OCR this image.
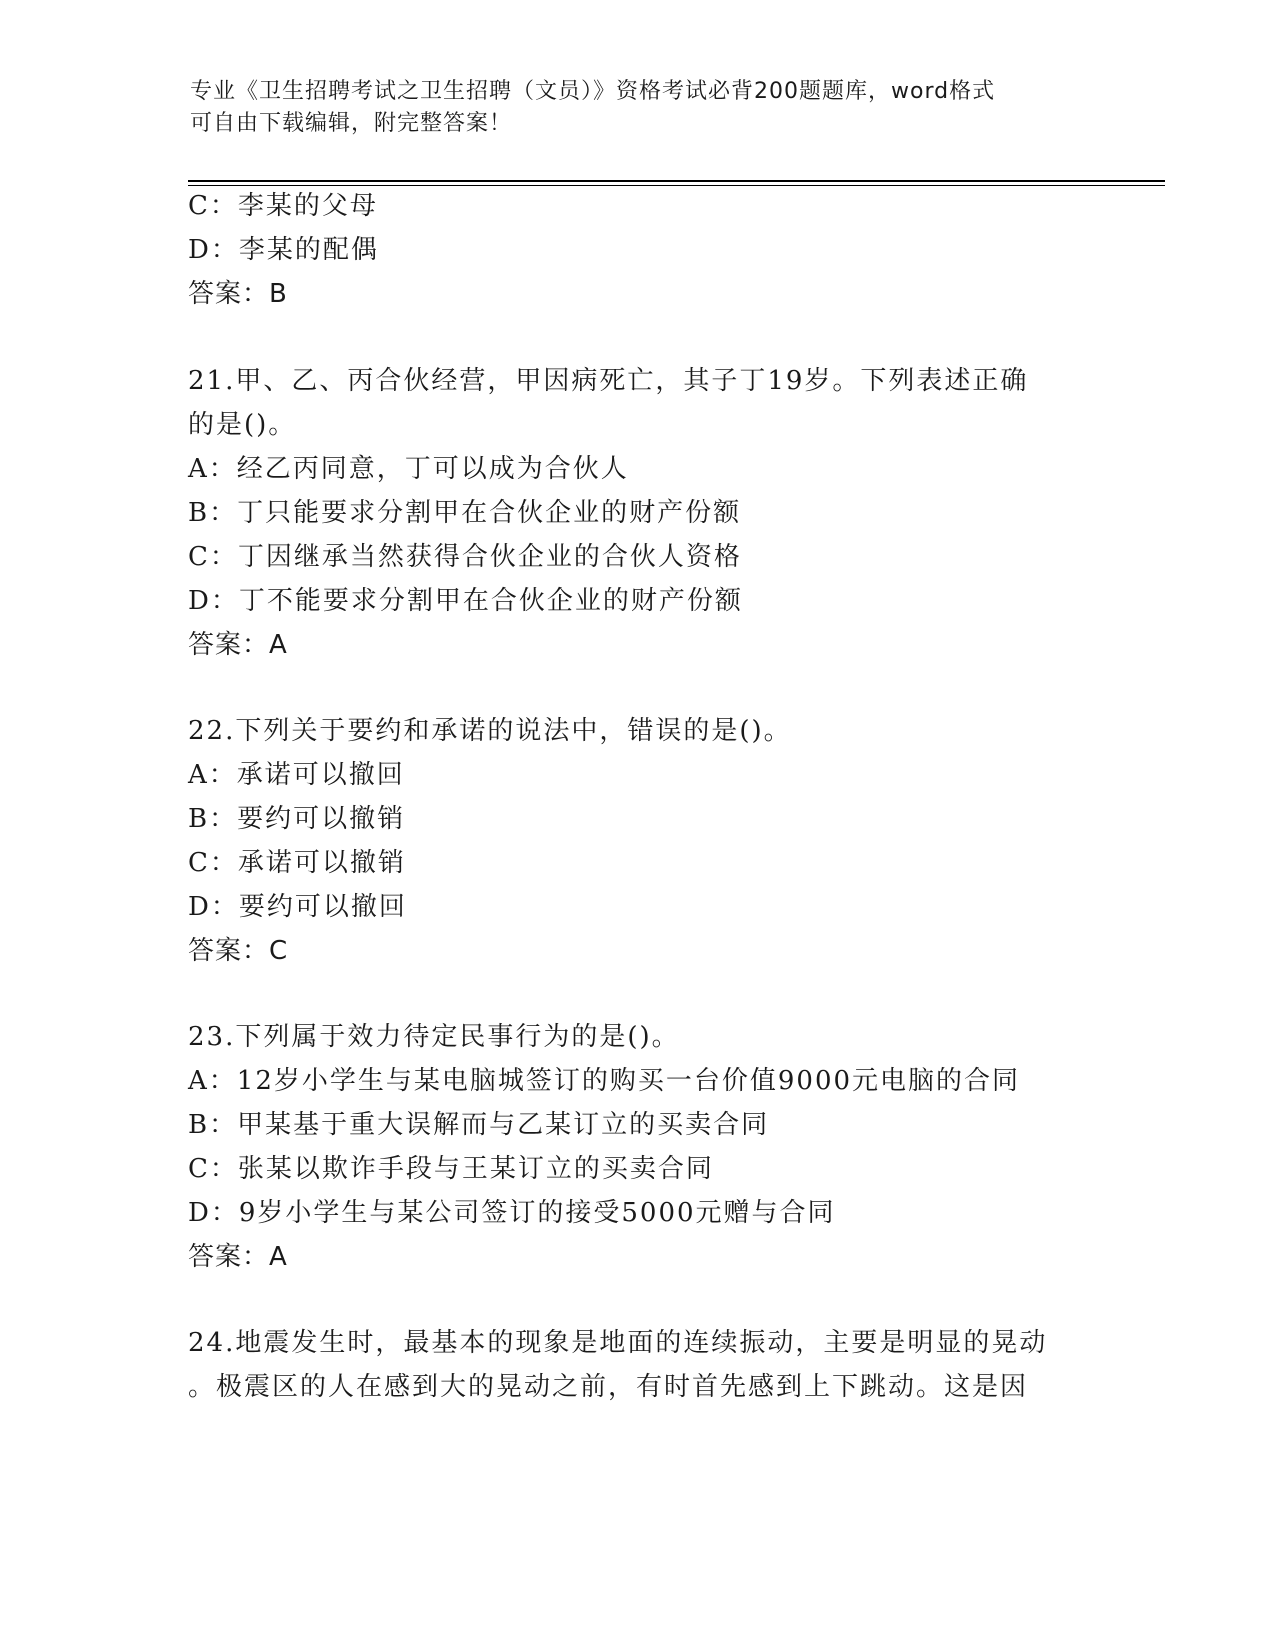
专业《卫生招聘考试之卫生招聘（文员）》资格考试必背200题题库，word格式
可自由下载编辑，附完整答案！
C：李某的父母
D：李某的配偶
答案：B
21.甲、乙、丙合伙经营，甲因病死亡，其子丁19岁。下列表述正确
的是()。
A：经乙丙同意，丁可以成为合伙人
B：丁只能要求分割甲在合伙企业的财产份额
C：丁因继承当然获得合伙企业的合伙人资格
D：丁不能要求分割甲在合伙企业的财产份额
答案：A
22.下列关于要约和承诺的说法中，错误的是()。
A：承诺可以撤回
B：要约可以撤销
C：承诺可以撤销
D：要约可以撤回
答案：C
23.下列属于效力待定民事行为的是()。
A：12岁小学生与某电脑城签订的购买一台价值9000元电脑的合同
B：甲某基于重大误解而与乙某订立的买卖合同
C：张某以欺诈手段与王某订立的买卖合同
D：9岁小学生与某公司签订的接受5000元赠与合同
答案：A
24.地震发生时，最基本的现象是地面的连续振动，主要是明显的晃动
。极震区的人在感到大的晃动之前，有时首先感到上下跳动。这是因
